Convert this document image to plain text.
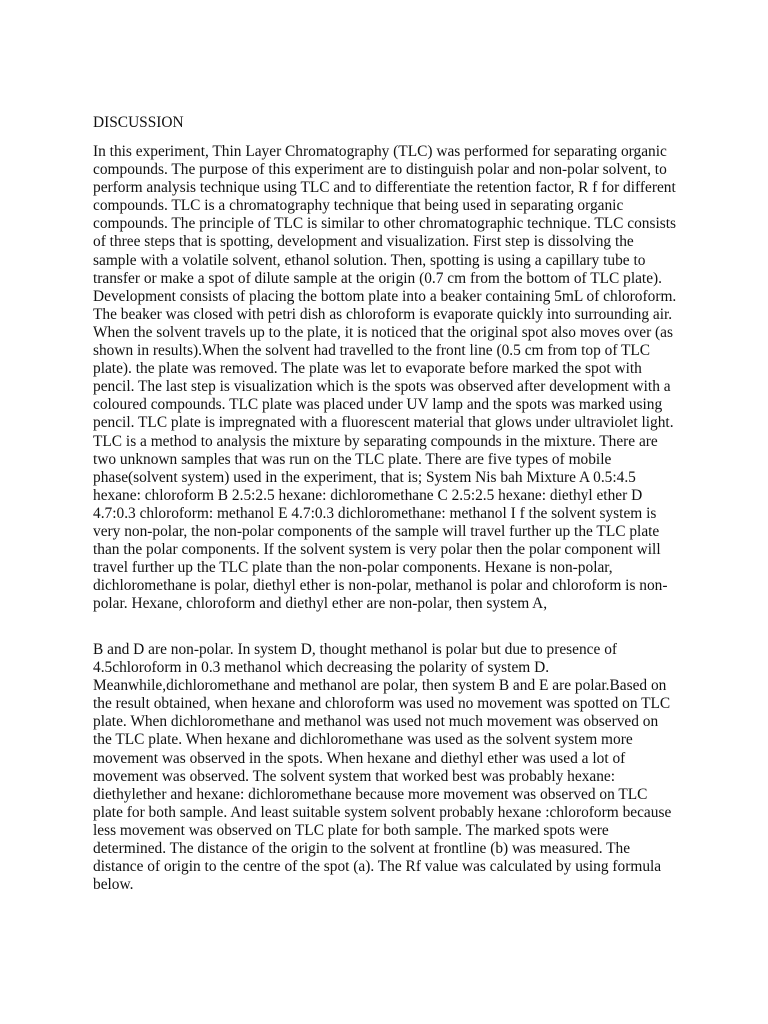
DISCUSSION

In this experiment, Thin Layer Chromatography (TLC) was performed for separating organic compounds. The purpose of this experiment are to distinguish polar and non-polar solvent, to perform analysis technique using TLC and to differentiate the retention factor, R f for different compounds. TLC is a chromatography technique that being used in separating organic compounds. The principle of TLC is similar to other chromatographic technique. TLC consists of three steps that is spotting, development and visualization. First step is dissolving the sample with a volatile solvent, ethanol solution. Then, spotting is using a capillary tube to transfer or make a spot of dilute sample at the origin (0.7 cm from the bottom of TLC plate). Development consists of placing the bottom plate into a beaker containing 5mL of chloroform. The beaker was closed with petri dish as chloroform is evaporate quickly into surrounding air. When the solvent travels up to the plate, it is noticed that the original spot also moves over (as shown in results).When the solvent had travelled to the front line (0.5 cm from top of TLC plate). the plate was removed. The plate was let to evaporate before marked the spot with pencil. The last step is visualization which is the spots was observed after development with a coloured compounds. TLC plate was placed under UV lamp and the spots was marked using pencil. TLC plate is impregnated with a fluorescent material that glows under ultraviolet light. TLC is a method to analysis the mixture by separating compounds in the mixture. There are two unknown samples that was run on the TLC plate. There are five types of mobile phase(solvent system) used in the experiment, that is; System Nis bah Mixture A 0.5:4.5 hexane: chloroform B 2.5:2.5 hexane: dichloromethane C 2.5:2.5 hexane: diethyl ether D 4.7:0.3 chloroform: methanol E 4.7:0.3 dichloromethane: methanol I f the solvent system is very non-polar, the non-polar components of the sample will travel further up the TLC plate than the polar components. If the solvent system is very polar then the polar component will travel further up the TLC plate than the non-polar components. Hexane is non-polar, dichloromethane is polar, diethyl ether is non-polar, methanol is polar and chloroform is non-polar. Hexane, chloroform and diethyl ether are non-polar, then system A,

B and D are non-polar. In system D, thought methanol is polar but due to presence of 4.5chloroform in 0.3 methanol which decreasing the polarity of system D. Meanwhile,dichloromethane and methanol are polar, then system B and E are polar.Based on the result obtained, when hexane and chloroform was used no movement was spotted on TLC plate. When dichloromethane and methanol was used not much movement was observed on the TLC plate. When hexane and dichloromethane was used as the solvent system more movement was observed in the spots. When hexane and diethyl ether was used a lot of movement was observed. The solvent system that worked best was probably hexane: diethylether and hexane: dichloromethane because more movement was observed on TLC plate for both sample. And least suitable system solvent probably hexane :chloroform because less movement was observed on TLC plate for both sample. The marked spots were determined. The distance of the origin to the solvent at frontline (b) was measured. The distance of origin to the centre of the spot (a). The Rf value was calculated by using formula below.
